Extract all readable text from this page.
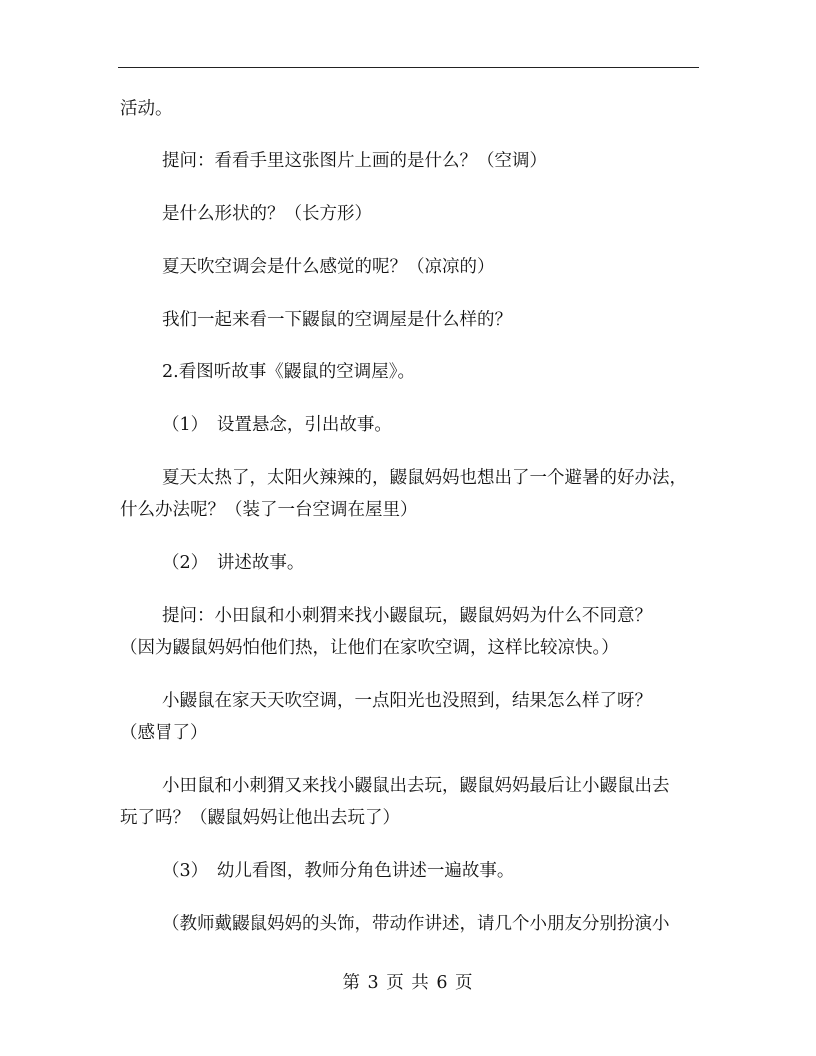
活动。
提问：看看手里这张图片上画的是什么？（空调）
是什么形状的？（长方形）
夏天吹空调会是什么感觉的呢？（凉凉的）
我们一起来看一下鼹鼠的空调屋是什么样的？
2.看图听故事《鼹鼠的空调屋》。
（1）　设置悬念，引出故事。
夏天太热了，太阳火辣辣的，鼹鼠妈妈也想出了一个避暑的好办法，
什么办法呢？（装了一台空调在屋里）
（2）　讲述故事。
提问：小田鼠和小刺猬来找小鼹鼠玩，鼹鼠妈妈为什么不同意？
（因为鼹鼠妈妈怕他们热，让他们在家吹空调，这样比较凉快。）
小鼹鼠在家天天吹空调，一点阳光也没照到，结果怎么样了呀？
（感冒了）
小田鼠和小刺猬又来找小鼹鼠出去玩，鼹鼠妈妈最后让小鼹鼠出去
玩了吗？（鼹鼠妈妈让他出去玩了）
（3）　幼儿看图，教师分角色讲述一遍故事。
（教师戴鼹鼠妈妈的头饰，带动作讲述，请几个小朋友分别扮演小
第 3 页 共 6 页
